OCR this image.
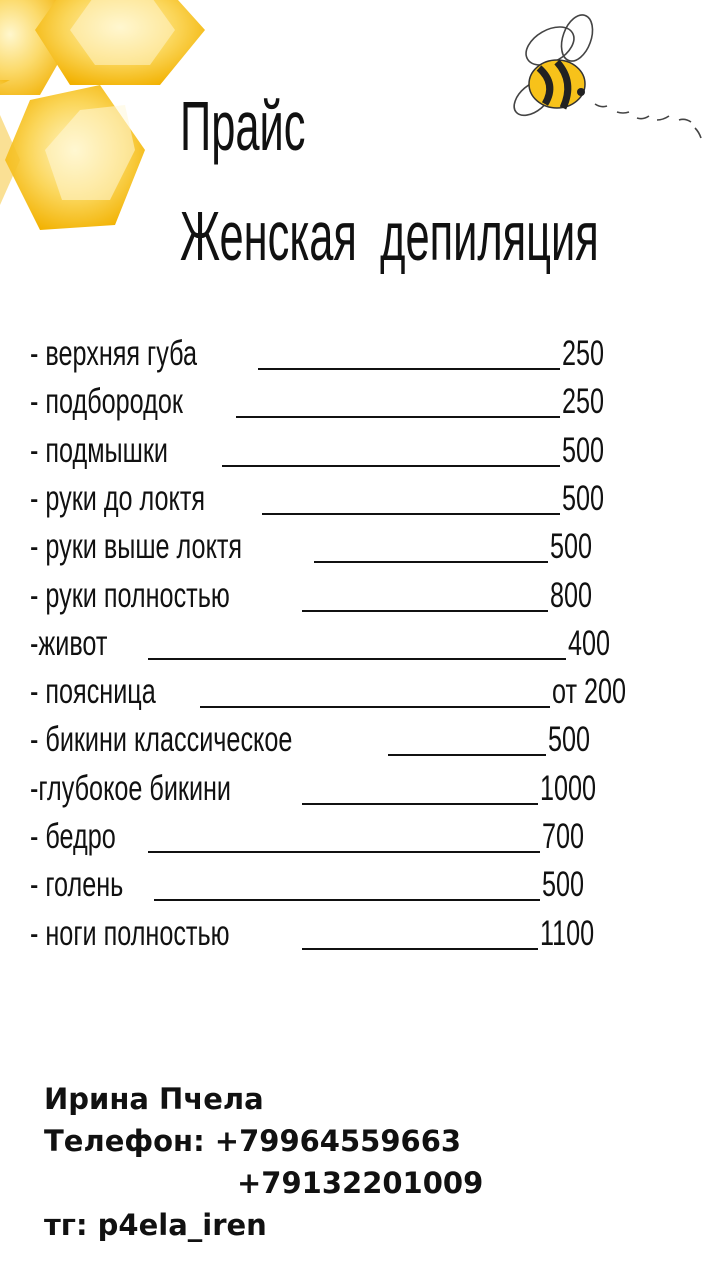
Прайс
Женская депиляция
- верхняя губа	250
- подбородок	250
- подмышки	500
- руки до локтя	500
- руки выше локтя	500
- руки полностью	800
-живот	400
- поясница	от 200
- бикини классическое	500
-глубокое бикини	1000
- бедро	700
- голень	500
- ноги полностью	1100
Ирина Пчела
Телефон: +79964559663
+79132201009
тг: p4ela_iren
